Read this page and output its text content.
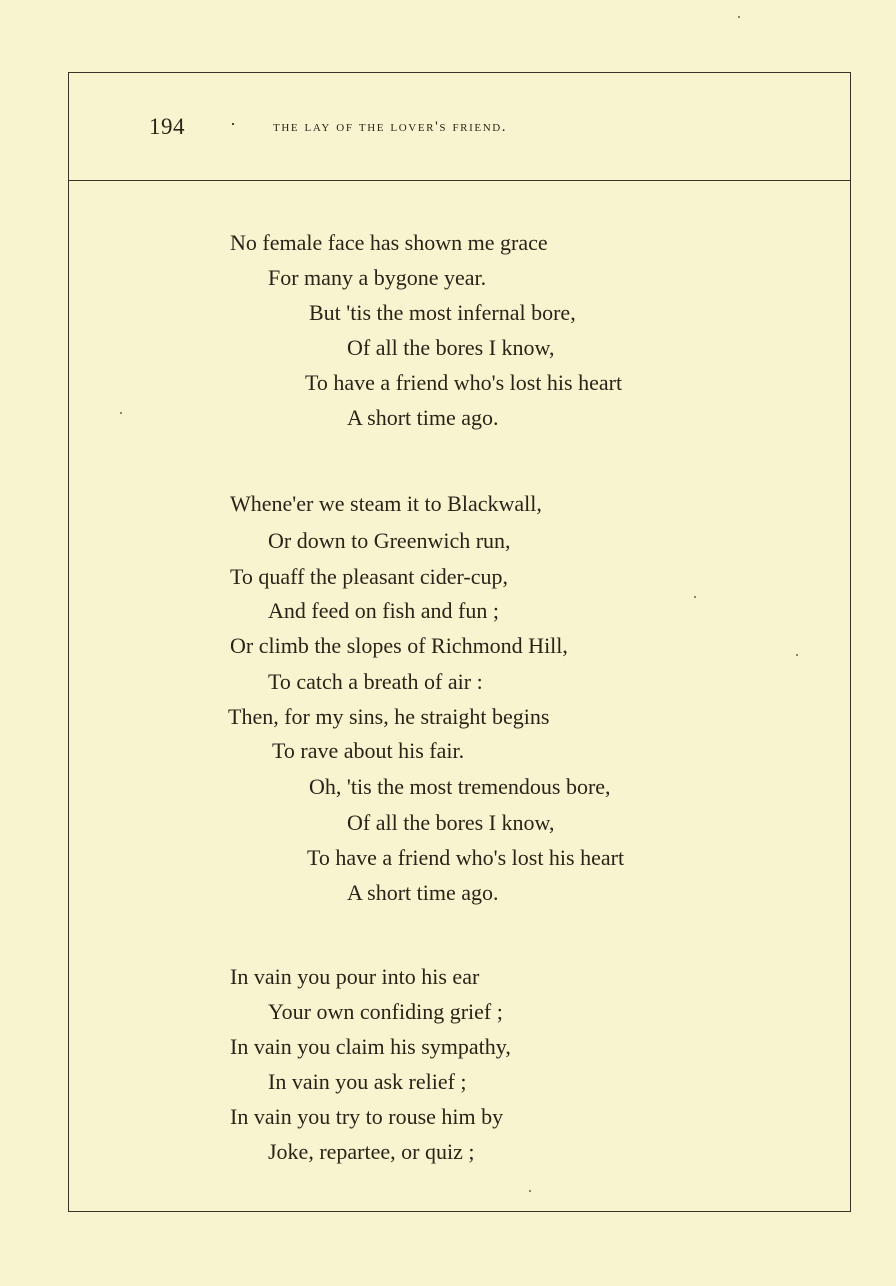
194	· the lay of the lover's friend.
No female face has shown me grace
For many a bygone year.
But 'tis the most infernal bore,
Of all the bores I know,
To have a friend who's lost his heart
A short time ago.
Whene'er we steam it to Blackwall,
Or down to Greenwich run,
To quaff the pleasant cider-cup,
And feed on fish and fun ;
Or climb the slopes of Richmond Hill,
To catch a breath of air :
Then, for my sins, he straight begins
To rave about his fair.
Oh, 'tis the most tremendous bore,
Of all the bores I know,
To have a friend who's lost his heart
A short time ago.
In vain you pour into his ear
Your own confiding grief ;
In vain you claim his sympathy,
In vain you ask relief ;
In vain you try to rouse him by
Joke, repartee, or quiz ;
